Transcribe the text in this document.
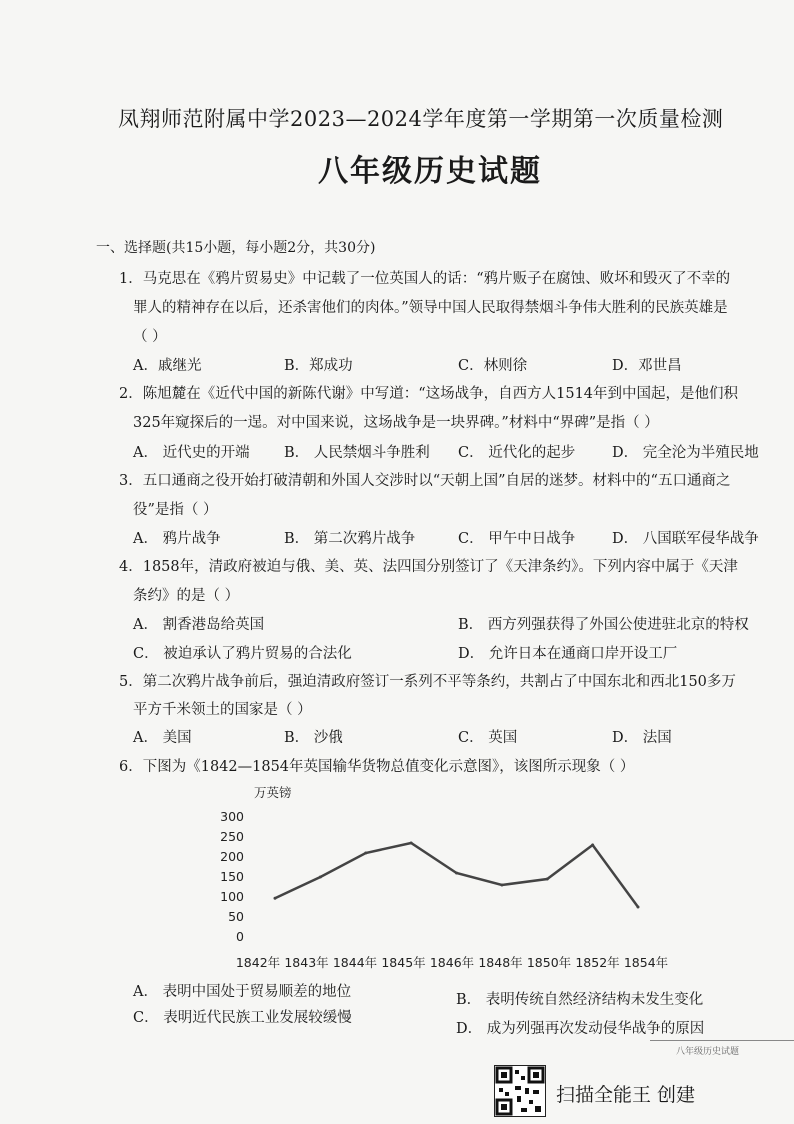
凤翔师范附属中学2023—2024学年度第一学期第一次质量检测
八年级历史试题
一、选择题(共15小题，每小题2分，共30分)
1．马克思在《鸦片贸易史》中记载了一位英国人的话：“鸦片贩子在腐蚀、败坏和毁灭了不幸的
罪人的精神存在以后，还杀害他们的肉体。”领导中国人民取得禁烟斗争伟大胜利的民族英雄是
（ ）
A．戚继光	B．郑成功	C．林则徐	D．邓世昌
2．陈旭麓在《近代中国的新陈代谢》中写道：“这场战争，自西方人1514年到中国起，是他们积
325年窥探后的一逞。对中国来说，这场战争是一块界碑。”材料中“界碑”是指（ ）
A． 近代史的开端 B． 人民禁烟斗争胜利 C． 近代化的起步	D． 完全沦为半殖民地
3．五口通商之役开始打破清朝和外国人交涉时以“天朝上国”自居的迷梦。材料中的“五口通商之
役”是指（ ）
A． 鸦片战争	B． 第二次鸦片战争	C． 甲午中日战争	D． 八国联军侵华战争
4．1858年，清政府被迫与俄、美、英、法四国分别签订了《天津条约》。下列内容中属于《天津
条约》的是（ ）
A． 割香港岛给英国	B． 西方列强获得了外国公使进驻北京的特权
C． 被迫承认了鸦片贸易的合法化	D． 允许日本在通商口岸开设工厂
5．第二次鸦片战争前后，强迫清政府签订一系列不平等条约，共割占了中国东北和西北150多万
平方千米领土的国家是（ ）
A． 美国	B． 沙俄	C． 英国	D． 法国
6．下图为《1842—1854年英国输华货物总值变化示意图》，该图所示现象（ ）
万英镑
0
50
100
150
200
250
300
1842年 1843年 1844年 1845年 1846年 1848年 1850年 1852年 1854年
A． 表明中国处于贸易顺差的地位	B． 表明传统自然经济结构未发生变化
C． 表明近代民族工业发展较缓慢
D． 成为列强再次发动侵华战争的原因
八年级历史试题
扫描全能王 创建
